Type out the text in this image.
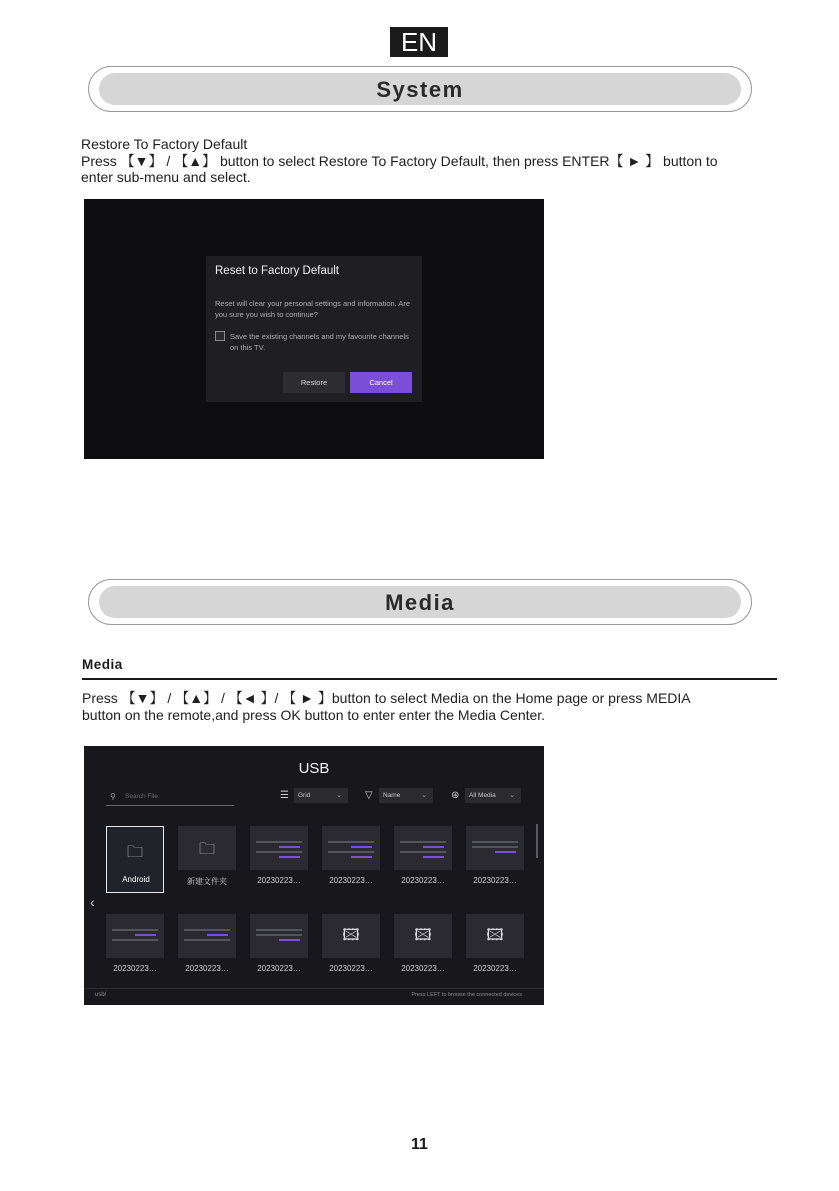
EN
System
Restore To Factory Default
Press 【▼】 / 【▲】 button to select Restore To Factory Default, then press ENTER【 ► 】 button to
enter sub-menu and select.
Reset to Factory Default
Reset will clear your personal settings and information. Are you sure you wish to continue?
Save the existing channels and my favourite channels on this TV.
Restore	Cancel
Media
Media
Press 【▼】 / 【▲】 / 【◄ 】/ 【 ► 】button to select Media on the Home page or press MEDIA
button on the remote,and press OK button to enter enter the Media Center.
USB
⚲ Search File	☰ Grid	⌄ ▽ Name	⌄ ⊛ All Media ⌄
🗀
Android
🗀
新建文件夹	20230223…	20230223…	20230223…	20230223…
‹
20230223…	20230223…	20230223…
🖾
20230223…
🖾
20230223…
🖾
20230223…
usb/	Press LEFT to browse the connected devices
11
